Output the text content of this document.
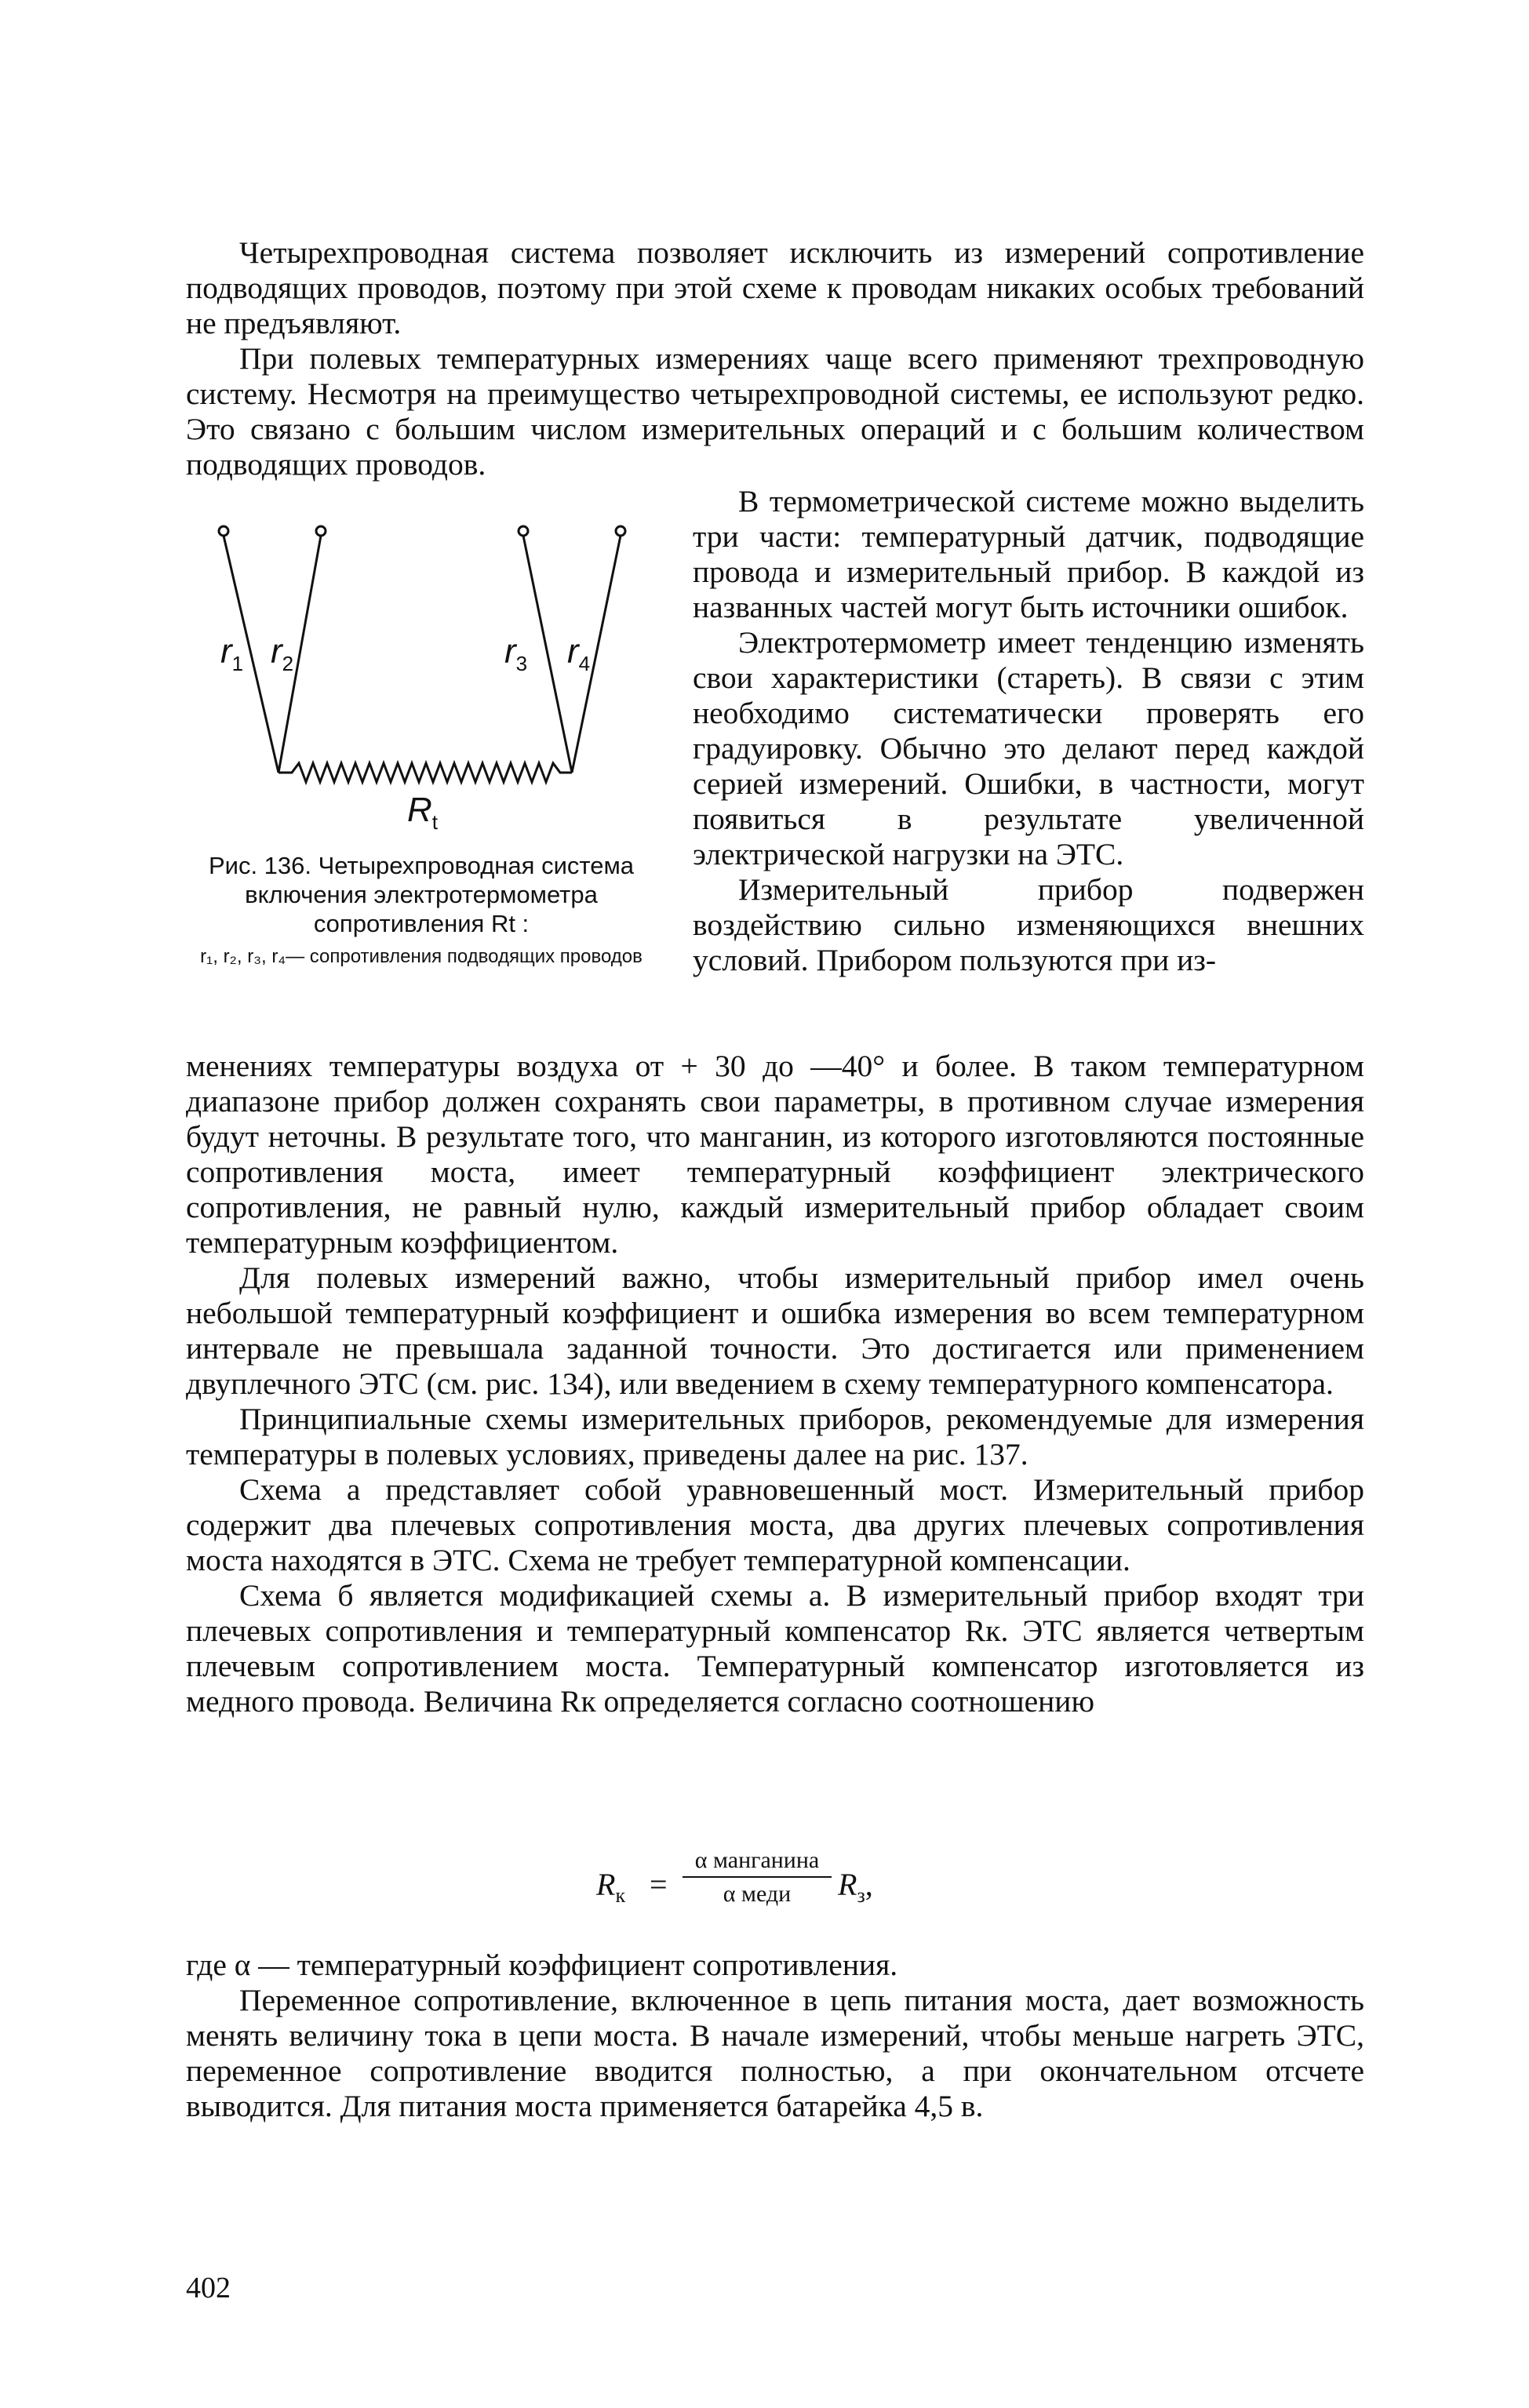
Четырехпроводная система позволяет исключить из измерений сопротивление подводящих проводов, поэтому при этой схеме к проводам никаких особых требований не предъявляют.

При полевых температурных измерениях чаще всего применяют трехпроводную систему. Несмотря на преимущество четырехпроводной системы, ее используют редко. Это связано с большим числом измерительных операций и с большим количеством подводящих проводов.

$r_1$ $r_2$	$r_3$ $r_4$
$R_t$
Рис. 136. Четырехпроводная система включения электротермометра сопротивления Rt :
r₁, r₂, r₃, r₄— сопротивления подводящих проводов

В термометрической системе можно выделить три части: температурный датчик, подводящие провода и измерительный прибор. В каждой из названных частей могут быть источники ошибок.

Электротермометр имеет тенденцию изменять свои характеристики (стареть). В связи с этим необходимо систематически проверять его градуировку. Обычно это делают перед каждой серией измерений. Ошибки, в частности, могут появиться в результате увеличенной электрической нагрузки на ЭТС.

Измерительный прибор подвержен воздействию сильно изменяющихся внешних условий. Прибором пользуются при из-

менениях температуры воздуха от + 30 до —40° и более. В таком температурном диапазоне прибор должен сохранять свои параметры, в противном случае измерения будут неточны. В результате того, что манганин, из которого изготовляются постоянные сопротивления моста, имеет температурный коэффициент электрического сопротивления, не равный нулю, каждый измерительный прибор обладает своим температурным коэффициентом.

Для полевых измерений важно, чтобы измерительный прибор имел очень небольшой температурный коэффициент и ошибка измерения во всем температурном интервале не превышала заданной точности. Это достигается или применением двуплечного ЭТС (см. рис. 134), или введением в схему температурного компенсатора.

Принципиальные схемы измерительных приборов, рекомендуемые для измерения температуры в полевых условиях, приведены далее на рис. 137.

Схема а представляет собой уравновешенный мост. Измерительный прибор содержит два плечевых сопротивления моста, два других плечевых сопротивления моста находятся в ЭТС. Схема не требует температурной компенсации.

Схема б является модификацией схемы а. В измерительный прибор входят три плечевых сопротивления и температурный компенсатор Rк. ЭТС является четвертым плечевым сопротивлением моста. Температурный компенсатор изготовляется из медного провода. Величина Rк определяется согласно соотношению

$R_к$ =
α манганина
α меди	$R_з$,

где α — температурный коэффициент сопротивления.

Переменное сопротивление, включенное в цепь питания моста, дает возможность менять величину тока в цепи моста. В начале измерений, чтобы меньше нагреть ЭТС, переменное сопротивление вводится полностью, а при окончательном отсчете выводится. Для питания моста применяется батарейка 4,5 в.

402
